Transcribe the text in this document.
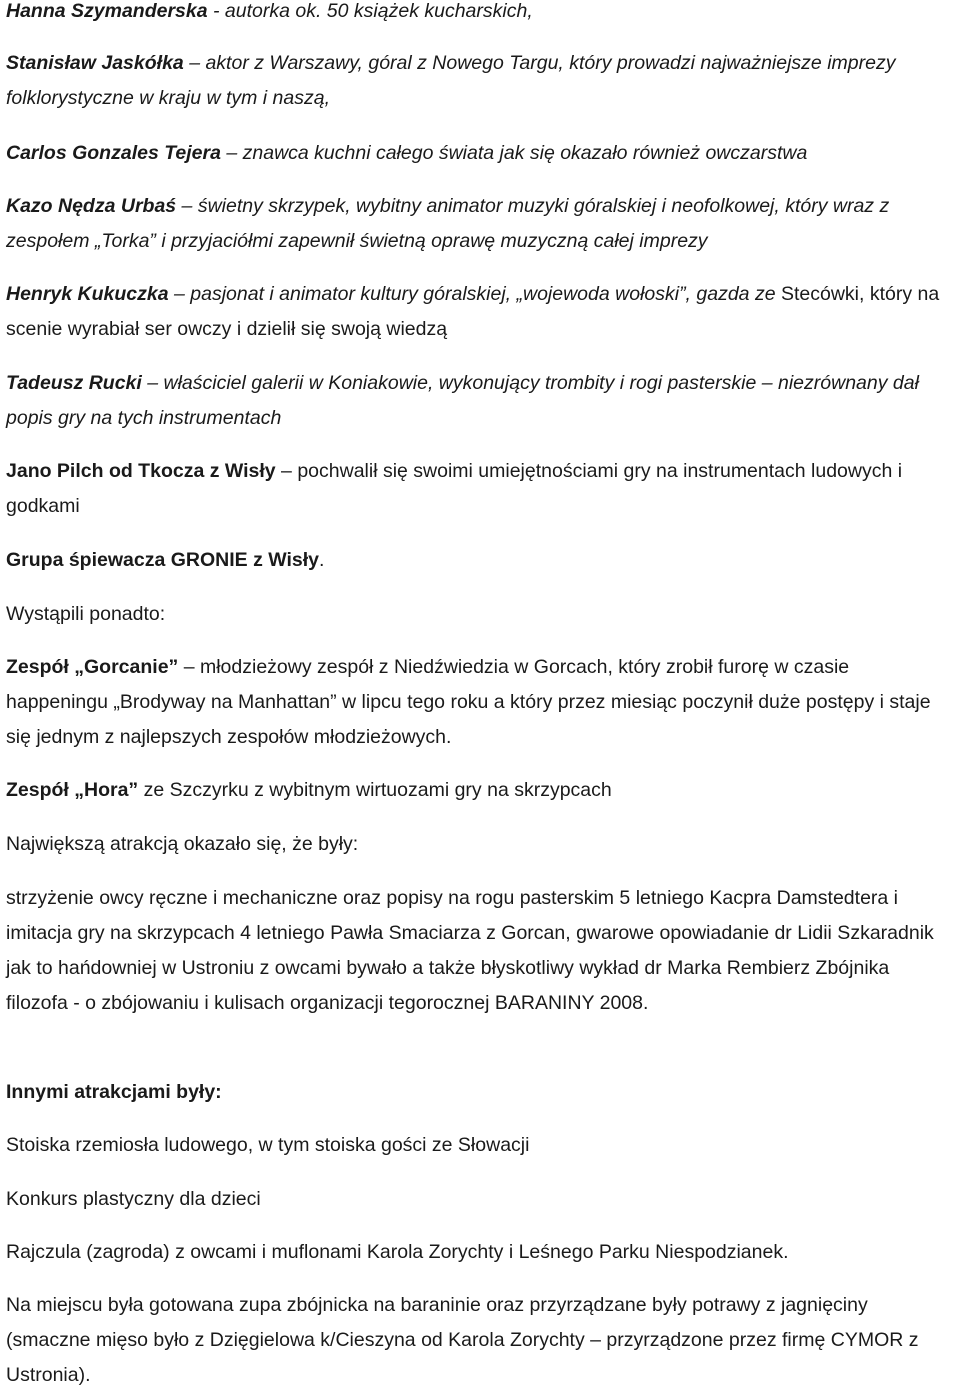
Hanna Szymanderska - autorka ok. 50 książek kucharskich,

Stanisław Jaskółka – aktor z Warszawy, góral z Nowego Targu, który prowadzi najważniejsze imprezy folklorystyczne w kraju w tym i naszą,

Carlos Gonzales Tejera – znawca kuchni całego świata jak się okazało również owczarstwa

Kazo Nędza Urbaś – świetny skrzypek, wybitny animator muzyki góralskiej i neofolkowej, który wraz z zespołem „Torka” i przyjaciółmi zapewnił świetną oprawę muzyczną całej imprezy

Henryk Kukuczka – pasjonat i animator kultury góralskiej, „wojewoda wołoski”, gazda ze Stecówki, który na scenie wyrabiał ser owczy i dzielił się swoją wiedzą

Tadeusz Rucki – właściciel galerii w Koniakowie, wykonujący trombity i rogi pasterskie – niezrównany dał popis gry na tych instrumentach

Jano Pilch od Tkocza z Wisły – pochwalił się swoimi umiejętnościami gry na instrumentach ludowych i godkami

Grupa śpiewacza GRONIE z Wisły.

Wystąpili ponadto:

Zespół „Gorcanie” – młodzieżowy zespół z Niedźwiedzia w Gorcach, który zrobił furorę w czasie happeningu „Brodyway na Manhattan” w lipcu tego roku a który przez miesiąc poczynił duże postępy i staje się jednym z najlepszych zespołów młodzieżowych.

Zespół „Hora” ze Szczyrku z wybitnym wirtuozami gry na skrzypcach

Największą atrakcją okazało się, że były:

strzyżenie owcy ręczne i mechaniczne oraz popisy na rogu pasterskim 5 letniego Kacpra Damstedtera i imitacja gry na skrzypcach 4 letniego Pawła Smaciarza z Gorcan, gwarowe opowiadanie dr Lidii Szkaradnik jak to hańdowniej w Ustroniu z owcami bywało a także błyskotliwy wykład dr Marka Rembierz Zbójnika filozofa - o zbójowaniu i kulisach organizacji tegorocznej BARANINY 2008.

Innymi atrakcjami były:

Stoiska rzemiosła ludowego, w tym stoiska gości ze Słowacji

Konkurs plastyczny dla dzieci

Rajczula (zagroda) z owcami i muflonami Karola Zorychty i Leśnego Parku Niespodzianek.

Na miejscu była gotowana zupa zbójnicka na baraninie oraz przyrządzane były potrawy z jagnięciny (smaczne mięso było z Dzięgielowa k/Cieszyna od Karola Zorychty – przyrządzone przez firmę CYMOR z Ustronia).
